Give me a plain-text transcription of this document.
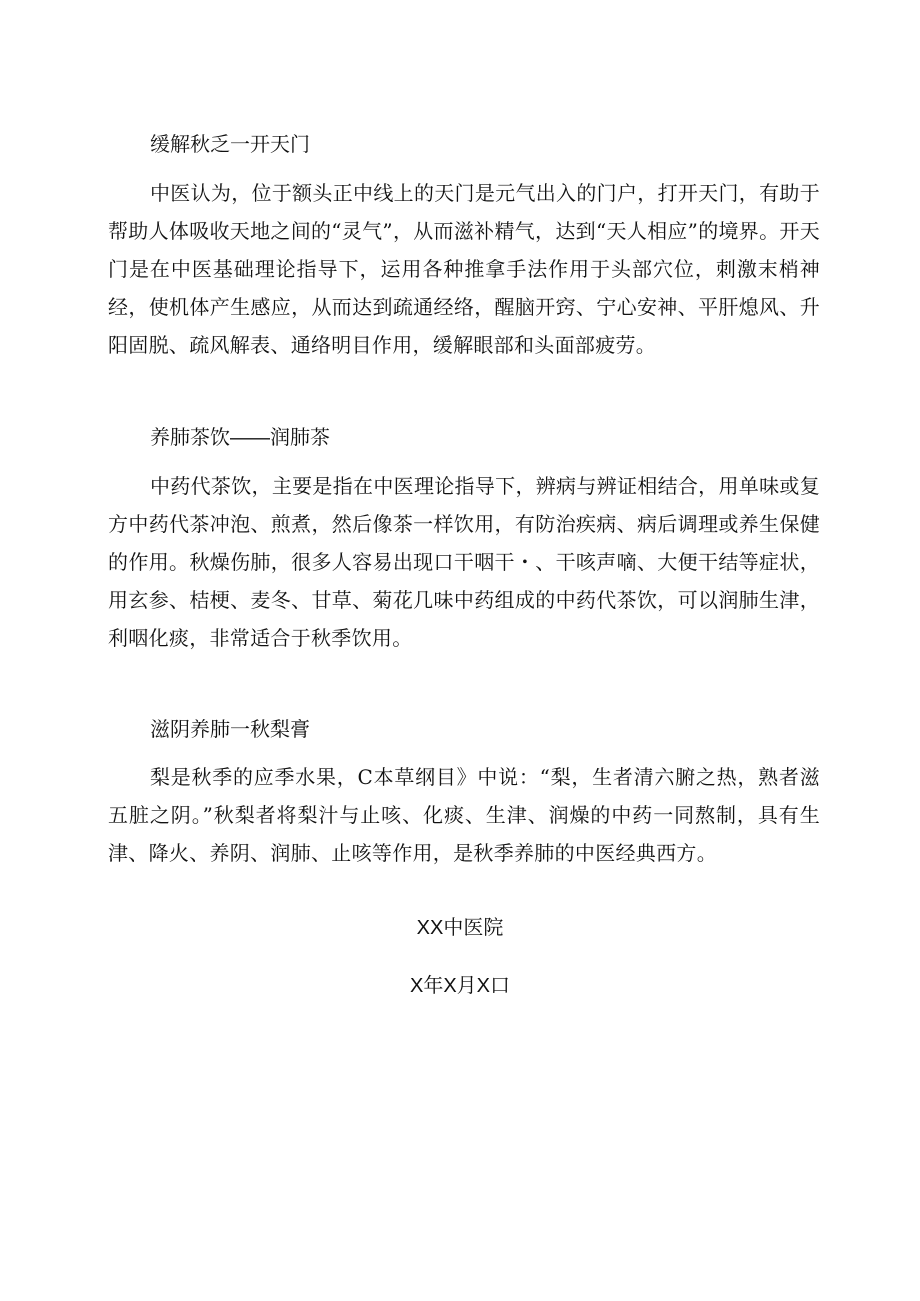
缓解秋乏一开天门

中医认为，位于额头正中线上的天门是元气出入的门户，打开天门，有助于帮助人体吸收天地之间的“灵气”，从而滋补精气，达到“天人相应”的境界。开天门是在中医基础理论指导下，运用各种推拿手法作用于头部穴位，刺激末梢神经，使机体产生感应，从而达到疏通经络，醒脑开窍、宁心安神、平肝熄风、升阳固脱、疏风解表、通络明目作用，缓解眼部和头面部疲劳。

养肺茶饮——润肺茶

中药代茶饮，主要是指在中医理论指导下，辨病与辨证相结合，用单味或复方中药代茶冲泡、煎煮，然后像茶一样饮用，有防治疾病、病后调理或养生保健的作用。秋燥伤肺，很多人容易出现口干咽干・、干咳声嘀、大便干结等症状，用玄参、桔梗、麦冬、甘草、菊花几味中药组成的中药代茶饮，可以润肺生津，利咽化痰，非常适合于秋季饮用。

滋阴养肺一秋梨膏

梨是秋季的应季水果，C本草纲目》中说：“梨，生者清六腑之热，熟者滋五脏之阴。”秋梨者将梨汁与止咳、化痰、生津、润燥的中药一同熬制，具有生津、降火、养阴、润肺、止咳等作用，是秋季养肺的中医经典西方。

XX中医院
X年X月X口
